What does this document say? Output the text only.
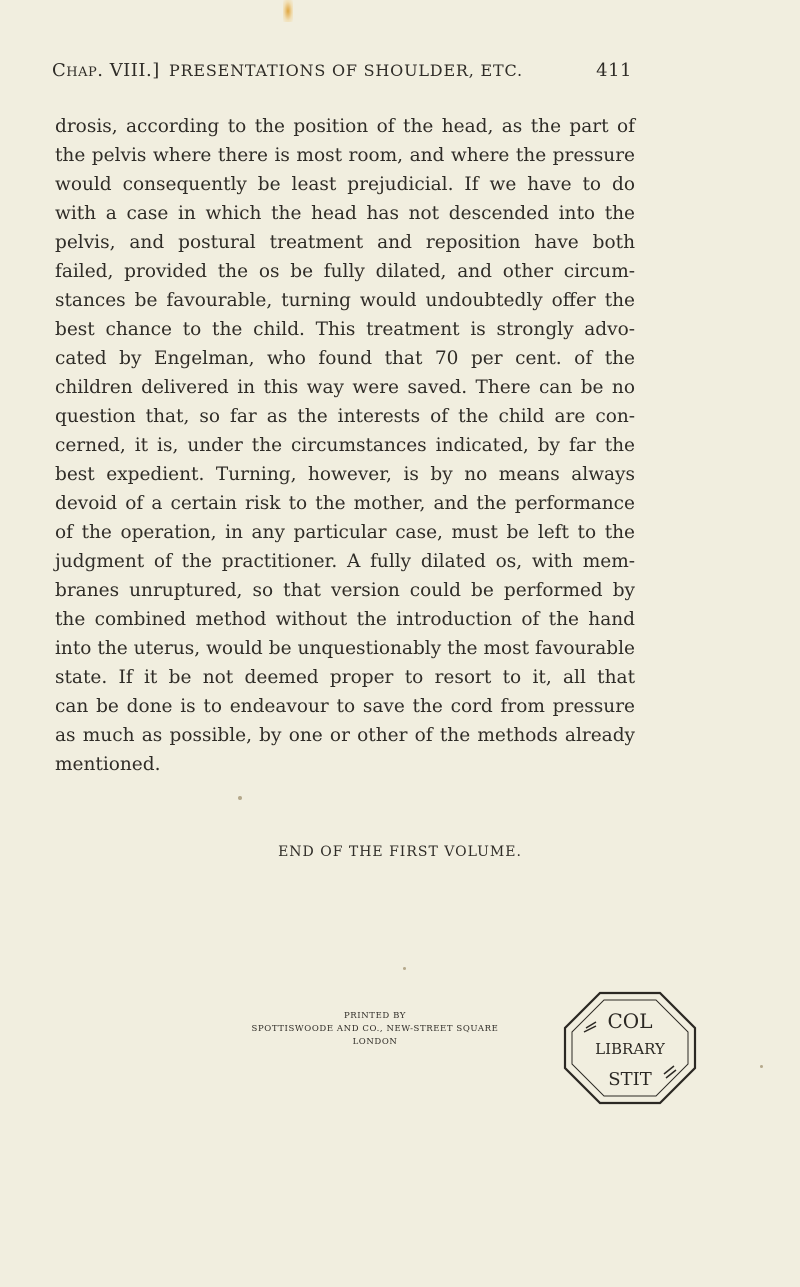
Chap. VIII.] PRESENTATIONS OF SHOULDER, ETC.	411
drosis, according to the position of the head, as the part of
the pelvis where there is most room, and where the pressure
would consequently be least prejudicial. If we have to do
with a case in which the head has not descended into the
pelvis, and postural treatment and reposition have both
failed, provided the os be fully dilated, and other circum-
stances be favourable, turning would undoubtedly offer the
best chance to the child. This treatment is strongly advo-
cated by Engelman, who found that 70 per cent. of the
children delivered in this way were saved. There can be no
question that, so far as the interests of the child are con-
cerned, it is, under the circumstances indicated, by far the
best expedient. Turning, however, is by no means always
devoid of a certain risk to the mother, and the performance
of the operation, in any particular case, must be left to the
judgment of the practitioner. A fully dilated os, with mem-
branes unruptured, so that version could be performed by
the combined method without the introduction of the hand
into the uterus, would be unquestionably the most favourable
state. If it be not deemed proper to resort to it, all that
can be done is to endeavour to save the cord from pressure
as much as possible, by one or other of the methods already
mentioned.
END OF THE FIRST VOLUME.
PRINTED BY
SPOTTISWOODE AND CO., NEW-STREET SQUARE
LONDON
COL
LIBRARY
STIT
